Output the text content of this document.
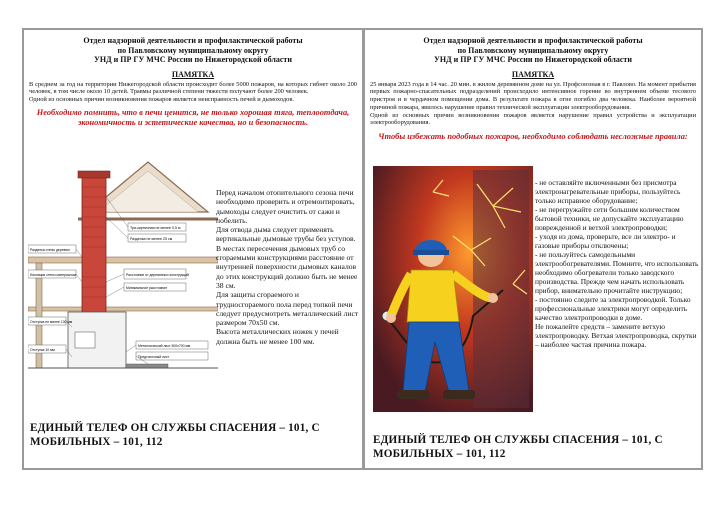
Отдел надзорной деятельности и профилактической работы
по Павловскому муниципальному округу
УНД и ПР ГУ МЧС России по Нижегородской области
ПАМЯТКА
В среднем за год на территории Нижегородской области происходит более 5000 пожаров, на которых гибнет около 200 человек, в том числе около 10 детей. Травмы различной степени тяжести получают более 200 человек.
Одной из основных причин возникновения пожаров является неисправность печей и дымоходов.
Необходимо помнить, что в печи ценится, не только хорошая тяга, теплоотдача, экономичность и эстетические качества, но и безопасность.
Три-кирпичная не менее 0,5 м
Разделка не менее 25 см
Разделка стены деревом
Изоляция стены материалом	Расстояние от деревянных конструкций
Минимальное расстояние
Отступка не менее 130 мм
Отступка 10 мм
Металлический лист 500х700 мм
Предтопочный лист
Перед началом отопительного сезона печи необходимо проверить и отремонтировать, дымоходы следует очистить от сажи и побелить.
Для отвода дыма следует применять вертикальные дымовые трубы без уступов. В местах пересечения дымовых труб со сгораемыми конструкциями расстояние от внутренней поверхности дымовых каналов до этих конструкций должно быть не менее 38 см.
Для защиты сгораемого и трудносгораемого пола перед топкой печи следует предусмотреть металлический лист размером 70х50 см.
Высота металлических ножек у печей должна быть не менее 100 мм.
ЕДИНЫЙ ТЕЛЕФ ОН СЛУЖБЫ СПАСЕНИЯ – 101, С МОБИЛЬНЫХ – 101, 112
Отдел надзорной деятельности и профилактической работы
по Павловскому муниципальному округу
УНД и ПР ГУ МЧС России по Нижегородской области
ПАМЯТКА
25 января 2023 года в 14 час. 20 мин. в жилом деревянном доме на ул. Профсоюзная в г. Павлово. На момент прибытия первых пожарно-спасательных подразделений происходило интенсивное горение во внутреннем объеме тесового пристроя и в чердачном помещении дома. В результате пожара в огне погибло два человека. Наиболее вероятной причиной пожара, явилось нарушение правил технической эксплуатации электрооборудования.
Одной из основных причин возникновения пожаров является нарушение правил устройства и эксплуатации электрооборудования.
Чтобы избежать подобных пожаров, необходимо соблюдать несложные правила:
- не оставляйте включенными без присмотра электронагревательные приборы, пользуйтесь только исправное оборудование;
- не перегружайте сети большим количеством бытовой техники, не допускайте эксплуатацию поврежденной и ветхой электропроводки;
- уходя из дома, проверьте, все ли электро- и газовые приборы отключены;
- не пользуйтесь самодельными электрообогревателями. Помните, что использовать необходимо обогреватели только заводского производства. Прежде чем начать использовать прибор, внимательно прочитайте инструкцию;
- постоянно следите за электропроводкой. Только профессиональные электрики могут определить качество электропроводки в доме.
Не пожалейте средств – замените ветхую электропроводку. Ветхая электропроводка, скрутки – наиболее частая причина пожара.
ЕДИНЫЙ ТЕЛЕФ ОН СЛУЖБЫ СПАСЕНИЯ – 101, С МОБИЛЬНЫХ – 101, 112
